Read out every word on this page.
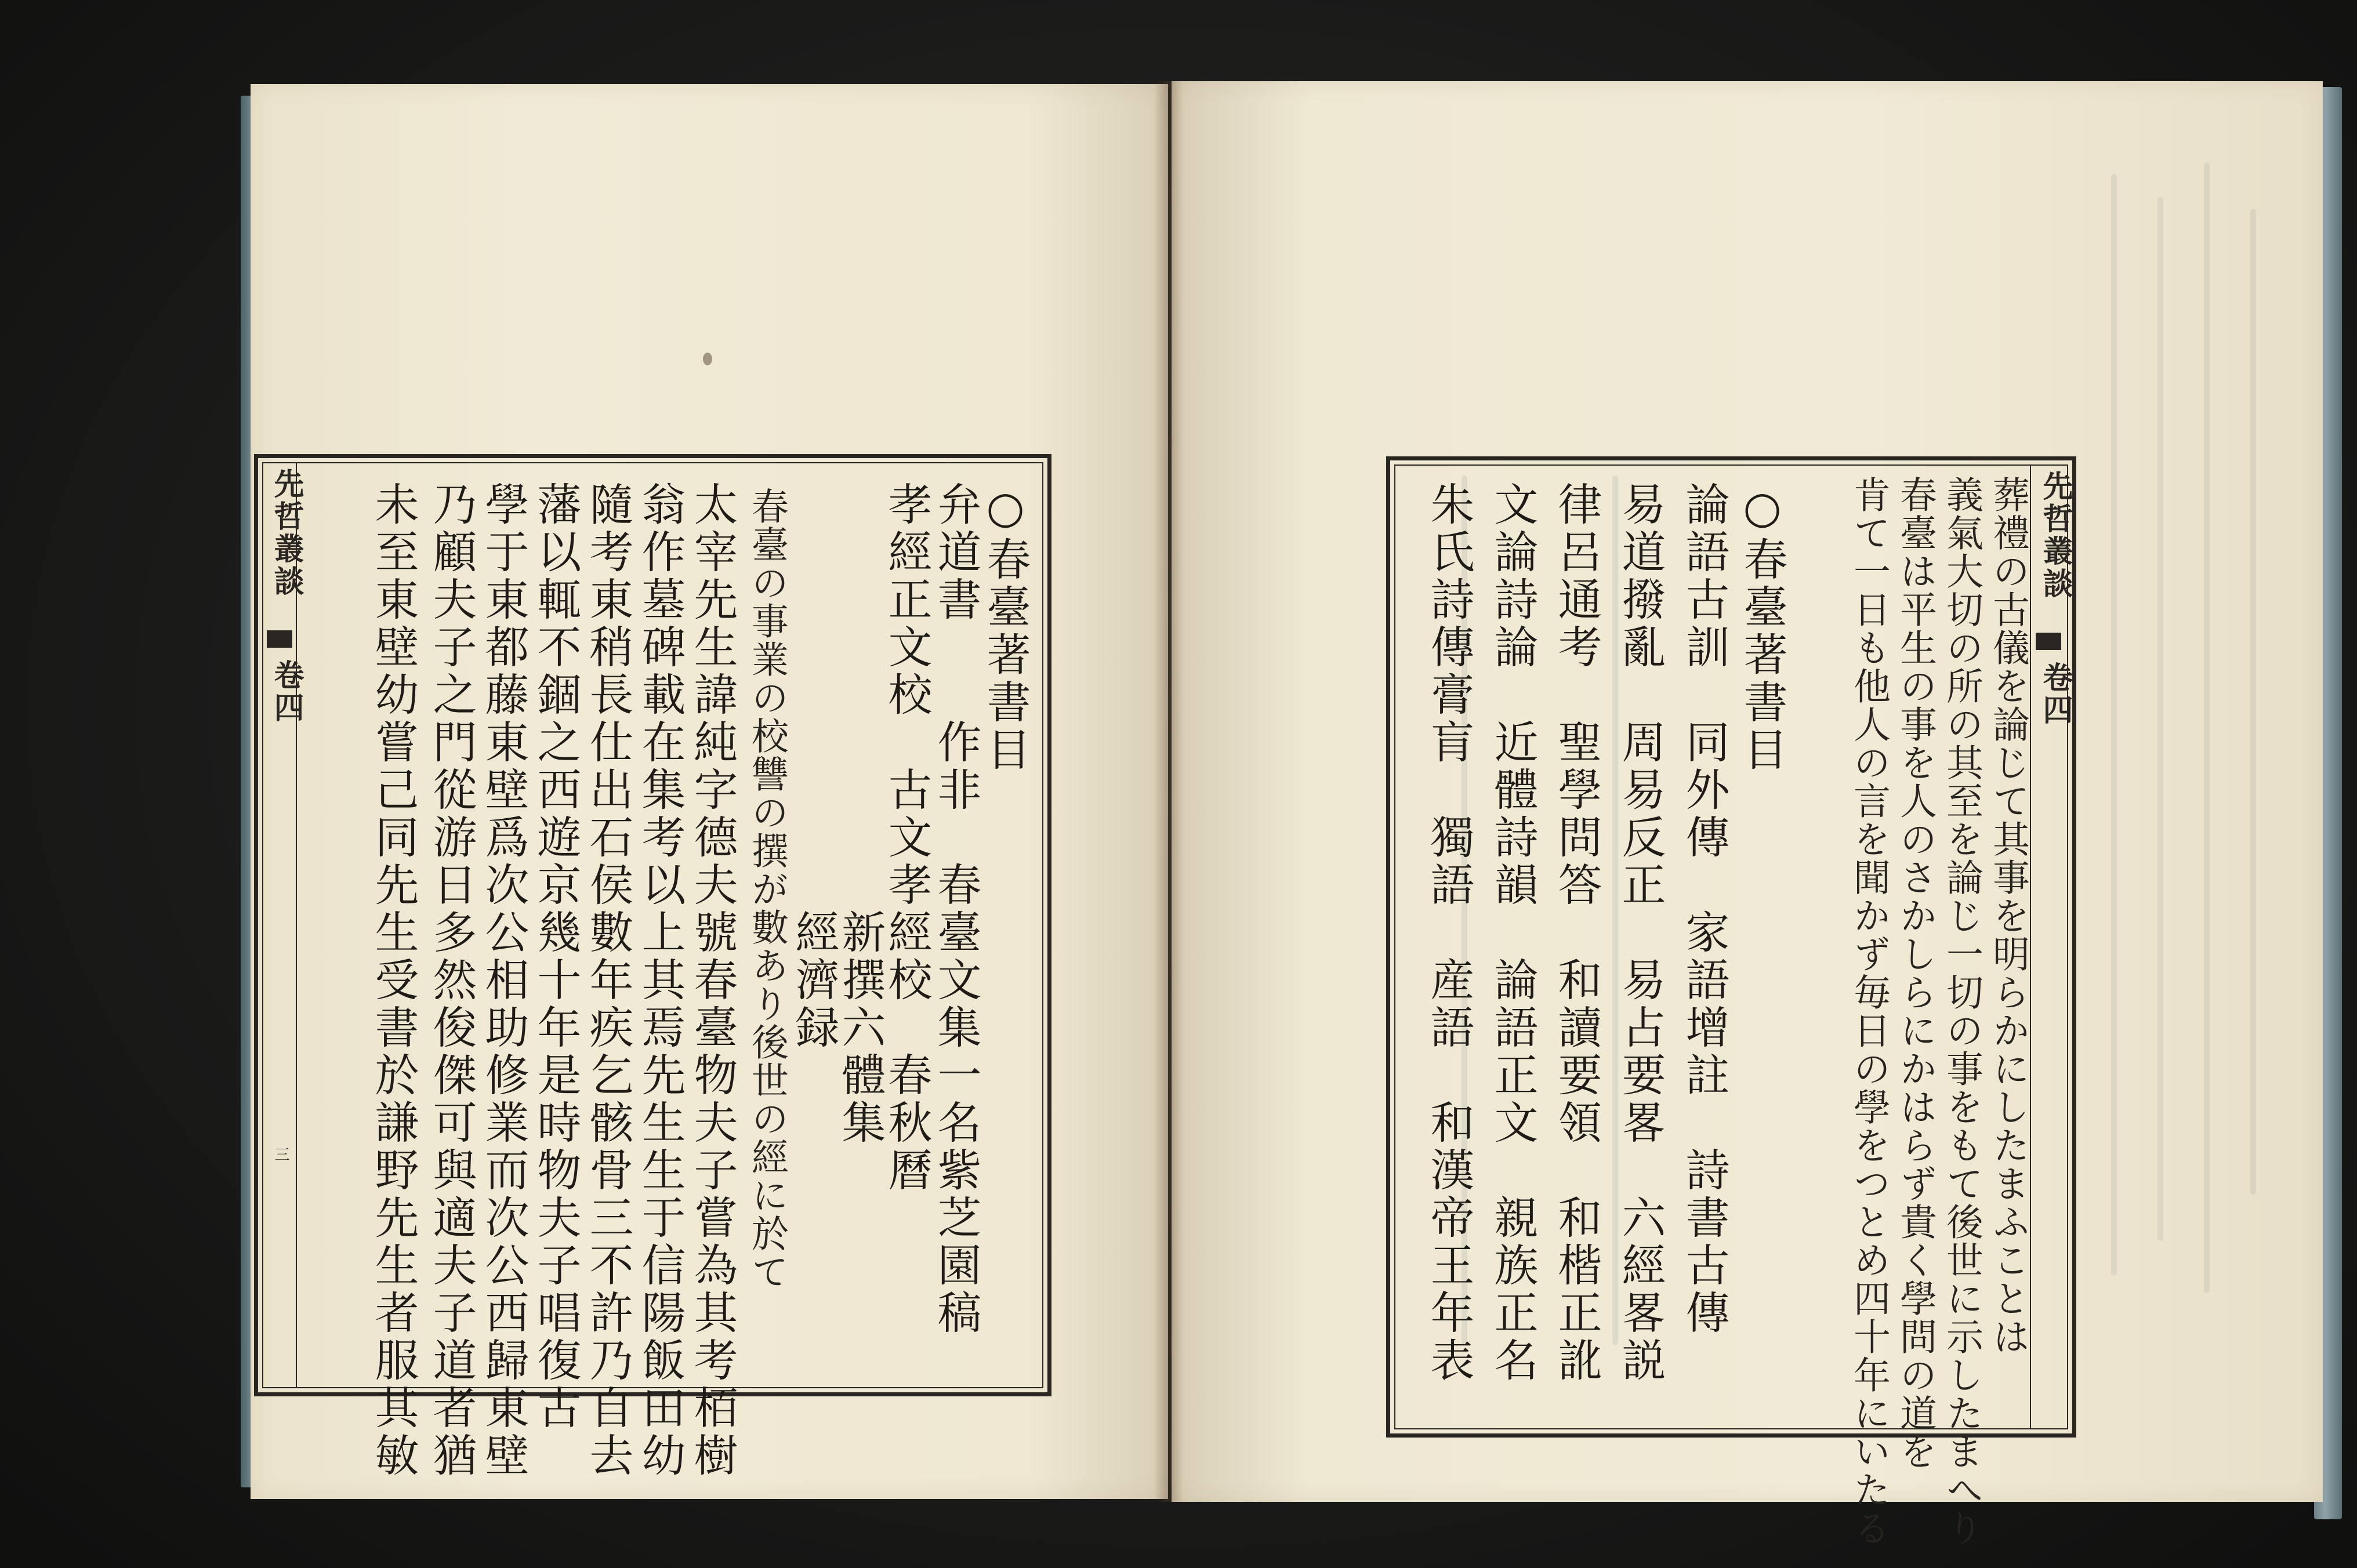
先哲叢談
卷四
三
○春臺著書目
弁道書　　作非　春臺文集一名紫芝園稿
孝經正文校　古文孝經校　春秋曆
　　　　　　　　　新撰六體集
　　　　　　　　　經濟録
春臺の事業の校讐の撰が數あり後世の經に於て
太宰先生諱純字德夫號春臺物夫子嘗為其考栢樹
翁作墓碑載在集考以上其焉先生生于信陽飯田幼
隨考東稍長仕出石侯數年疾乞骸骨三不許乃自去
藩以輒不錮之西遊京幾十年是時物夫子唱復古
學于東都藤東壁爲次公相助修業而次公西歸東壁
乃顧夫子之門從游日多然俊傑可與適夫子道者猶
未至東壁幼嘗己同先生受書於謙野先生者服其敏	先哲叢談
卷四
葬禮の古儀を論じて其事を明らかにしたまふことは
義氣大切の所の其至を論じ一切の事をもて後世に示したまへり
春臺は平生の事を人のさかしらにかはらず貴く學問の道を
肯て一日も他人の言を聞かず毎日の學をつとめ四十年にいたる
○春臺著書目
論語古訓　同外傳　家語增註　詩書古傳
易道撥亂　周易反正　易占要畧　六經畧説
律呂通考　聖學問答　和讀要領　和楷正訛
文論詩論　近體詩韻　論語正文　親族正名
朱氏詩傳膏肓　獨語　産語　和漢帝王年表
